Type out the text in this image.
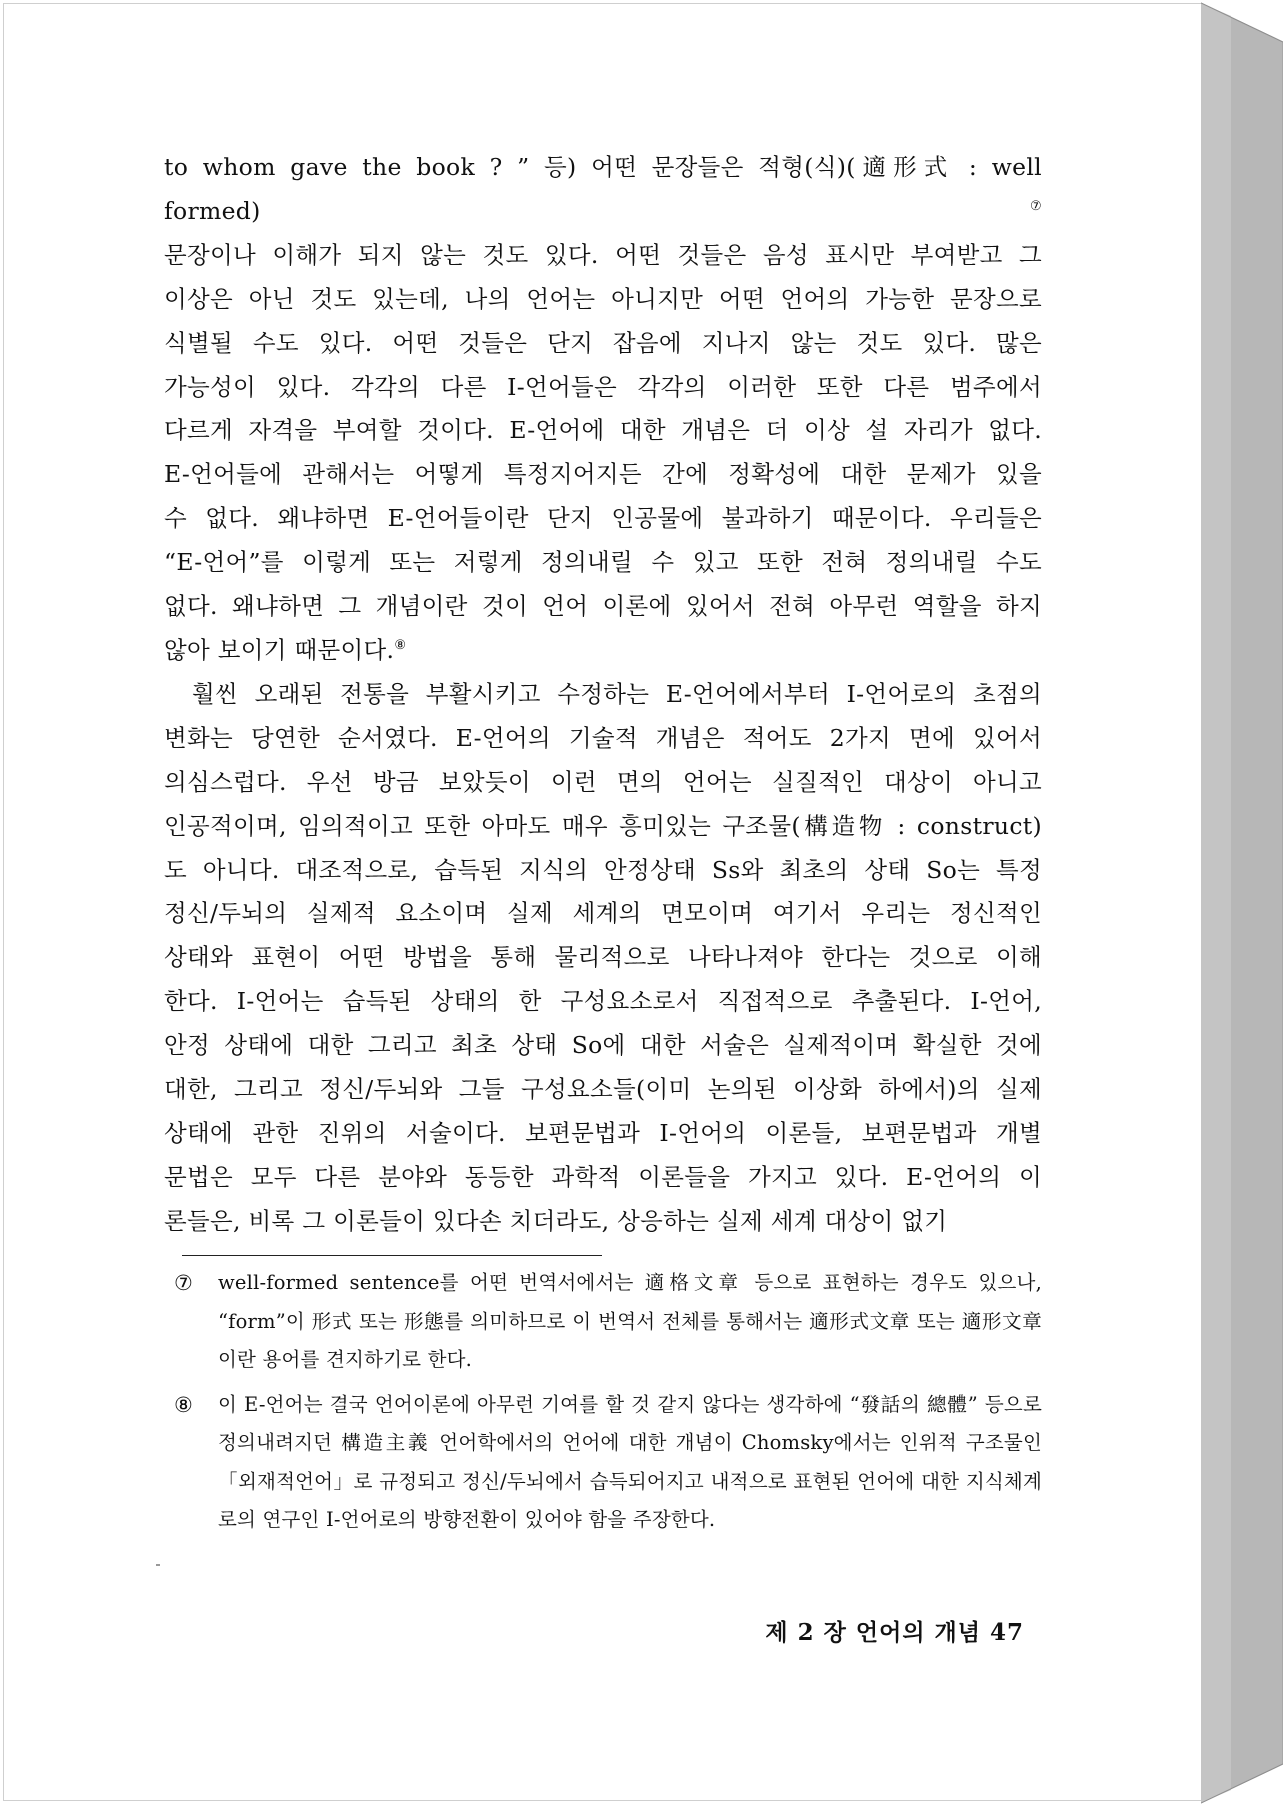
to whom gave the book ? ” 등) 어떤 문장들은 적형(식)(適形式 : well formed)⑦

문장이나 이해가 되지 않는 것도 있다. 어떤 것들은 음성 표시만 부여받고 그

이상은 아닌 것도 있는데, 나의 언어는 아니지만 어떤 언어의 가능한 문장으로

식별될 수도 있다. 어떤 것들은 단지 잡음에 지나지 않는 것도 있다. 많은

가능성이 있다. 각각의 다른 I-언어들은 각각의 이러한 또한 다른 범주에서

다르게 자격을 부여할 것이다. E-언어에 대한 개념은 더 이상 설 자리가 없다.

E-언어들에 관해서는 어떻게 특정지어지든 간에 정확성에 대한 문제가 있을

수 없다. 왜냐하면 E-언어들이란 단지 인공물에 불과하기 때문이다. 우리들은

“E-언어”를 이렇게 또는 저렇게 정의내릴 수 있고 또한 전혀 정의내릴 수도

없다. 왜냐하면 그 개념이란 것이 언어 이론에 있어서 전혀 아무런 역할을 하지

않아 보이기 때문이다.⑧

훨씬 오래된 전통을 부활시키고 수정하는 E-언어에서부터 I-언어로의 초점의

변화는 당연한 순서였다. E-언어의 기술적 개념은 적어도 2가지 면에 있어서

의심스럽다. 우선 방금 보았듯이 이런 면의 언어는 실질적인 대상이 아니고

인공적이며, 임의적이고 또한 아마도 매우 흥미있는 구조물(構造物 : construct)

도 아니다. 대조적으로, 습득된 지식의 안정상태 Ss와 최초의 상태 So는 특정

정신/두뇌의 실제적 요소이며 실제 세계의 면모이며 여기서 우리는 정신적인

상태와 표현이 어떤 방법을 통해 물리적으로 나타나져야 한다는 것으로 이해

한다. I-언어는 습득된 상태의 한 구성요소로서 직접적으로 추출된다. I-언어,

안정 상태에 대한 그리고 최초 상태 So에 대한 서술은 실제적이며 확실한 것에

대한, 그리고 정신/두뇌와 그들 구성요소들(이미 논의된 이상화 하에서)의 실제

상태에 관한 진위의 서술이다. 보편문법과 I-언어의 이론들, 보편문법과 개별

문법은 모두 다른 분야와 동등한 과학적 이론들을 가지고 있다. E-언어의 이

론들은, 비록 그 이론들이 있다손 치더라도, 상응하는 실제 세계 대상이 없기

⑦	well-formed sentence를 어떤 번역서에서는 適格文章 등으로 표현하는 경우도 있으나, “form”이 形式 또는 形態를 의미하므로 이 번역서 전체를 통해서는 適形式文章 또는 適形文章이란 용어를 견지하기로 한다.
⑧	이 E-언어는 결국 언어이론에 아무런 기여를 할 것 같지 않다는 생각하에 “發話의 總體” 등으로 정의내려지던 構造主義 언어학에서의 언어에 대한 개념이 Chomsky에서는 인위적 구조물인 「외재적언어」로 규정되고 정신/두뇌에서 습득되어지고 내적으로 표현된 언어에 대한 지식체계로의 연구인 I-언어로의 방향전환이 있어야 함을 주장한다.
제 2 장 언어의 개념 47
